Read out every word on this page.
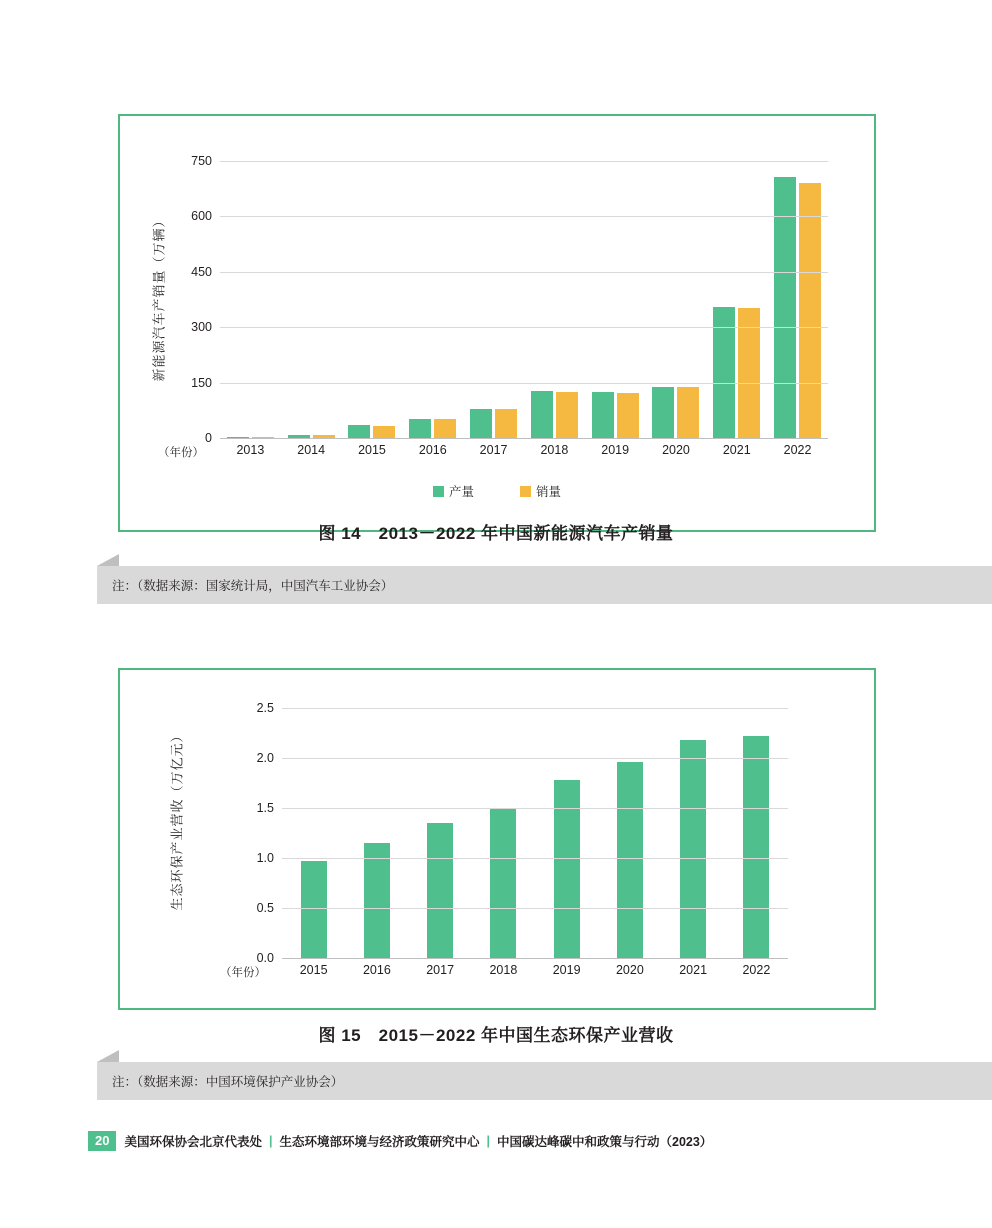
新能源汽车产销量（万辆）
0
150
300
450
600
750
（年份）	2013	2014	2015	2016	2017	2018	2019	2020	2021	2022
产量	销量
图 14　2013－2022 年中国新能源汽车产销量
注：（数据来源：国家统计局，中国汽车工业协会）
生态环保产业营收（万亿元）
0.0
0.5
1.0
1.5
2.0
2.5
（年份）	2015	2016	2017	2018	2019	2020	2021	2022
图 15　2015－2022 年中国生态环保产业营收
注：（数据来源：中国环境保护产业协会）
20	美国环保协会北京代表处 | 生态环境部环境与经济政策研究中心 | 中国碳达峰碳中和政策与行动（2023）
